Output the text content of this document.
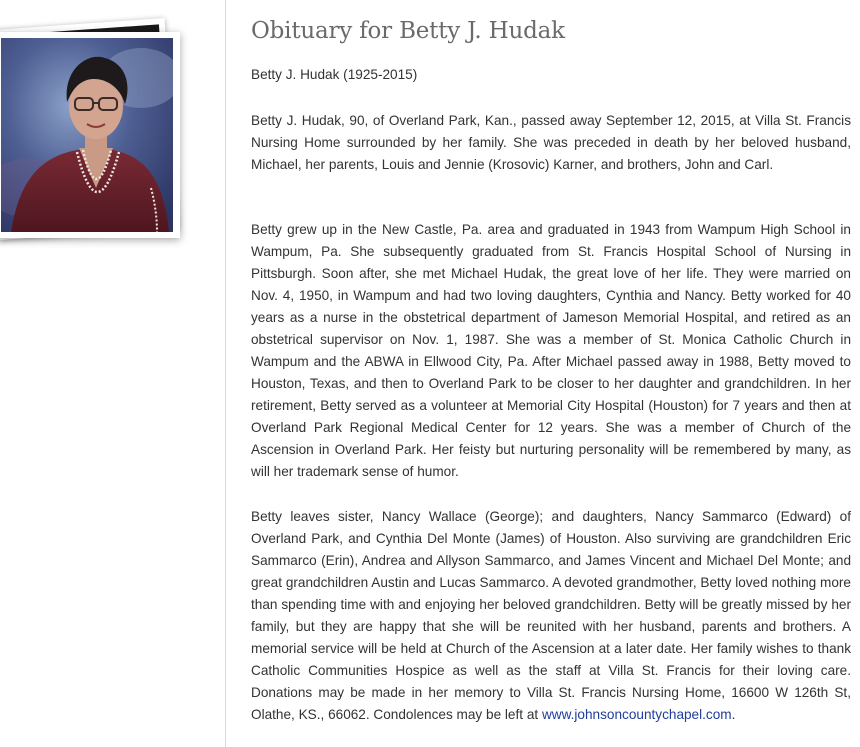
Obituary for Betty J. Hudak
Betty J. Hudak (1925-2015)

Betty J. Hudak, 90, of Overland Park, Kan., passed away September 12, 2015, at Villa St. Francis Nursing Home surrounded by her family. She was preceded in death by her beloved husband, Michael, her parents, Louis and Jennie (Krosovic) Karner, and brothers, John and Carl.

Betty grew up in the New Castle, Pa. area and graduated in 1943 from Wampum High School in Wampum, Pa. She subsequently graduated from St. Francis Hospital School of Nursing in Pittsburgh. Soon after, she met Michael Hudak, the great love of her life. They were married on Nov. 4, 1950, in Wampum and had two loving daughters, Cynthia and Nancy. Betty worked for 40 years as a nurse in the obstetrical department of Jameson Memorial Hospital, and retired as an obstetrical supervisor on Nov. 1, 1987. She was a member of St. Monica Catholic Church in Wampum and the ABWA in Ellwood City, Pa. After Michael passed away in 1988, Betty moved to Houston, Texas, and then to Overland Park to be closer to her daughter and grandchildren. In her retirement, Betty served as a volunteer at Memorial City Hospital (Houston) for 7 years and then at Overland Park Regional Medical Center for 12 years. She was a member of Church of the Ascension in Overland Park. Her feisty but nurturing personality will be remembered by many, as will her trademark sense of humor.

Betty leaves sister, Nancy Wallace (George); and daughters, Nancy Sammarco (Edward) of Overland Park, and Cynthia Del Monte (James) of Houston. Also surviving are grandchildren Eric Sammarco (Erin), Andrea and Allyson Sammarco, and James Vincent and Michael Del Monte; and great grandchildren Austin and Lucas Sammarco. A devoted grandmother, Betty loved nothing more than spending time with and enjoying her beloved grandchildren. Betty will be greatly missed by her family, but they are happy that she will be reunited with her husband, parents and brothers. A memorial service will be held at Church of the Ascension at a later date. Her family wishes to thank Catholic Communities Hospice as well as the staff at Villa St. Francis for their loving care. Donations may be made in her memory to Villa St. Francis Nursing Home, 16600 W 126th St, Olathe, KS., 66062. Condolences may be left at www.johnsoncountychapel.com.
